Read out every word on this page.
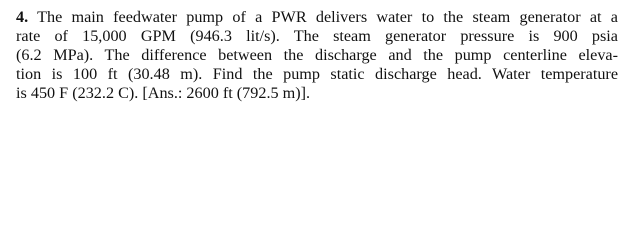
4. The main feedwater pump of a PWR delivers water to the steam generator at a
rate of 15,000 GPM (946.3 lit/s). The steam generator pressure is 900 psia
(6.2 MPa). The difference between the discharge and the pump centerline eleva-
tion is 100 ft (30.48 m). Find the pump static discharge head. Water temperature
is 450 F (232.2 C). [Ans.: 2600 ft (792.5 m)].
